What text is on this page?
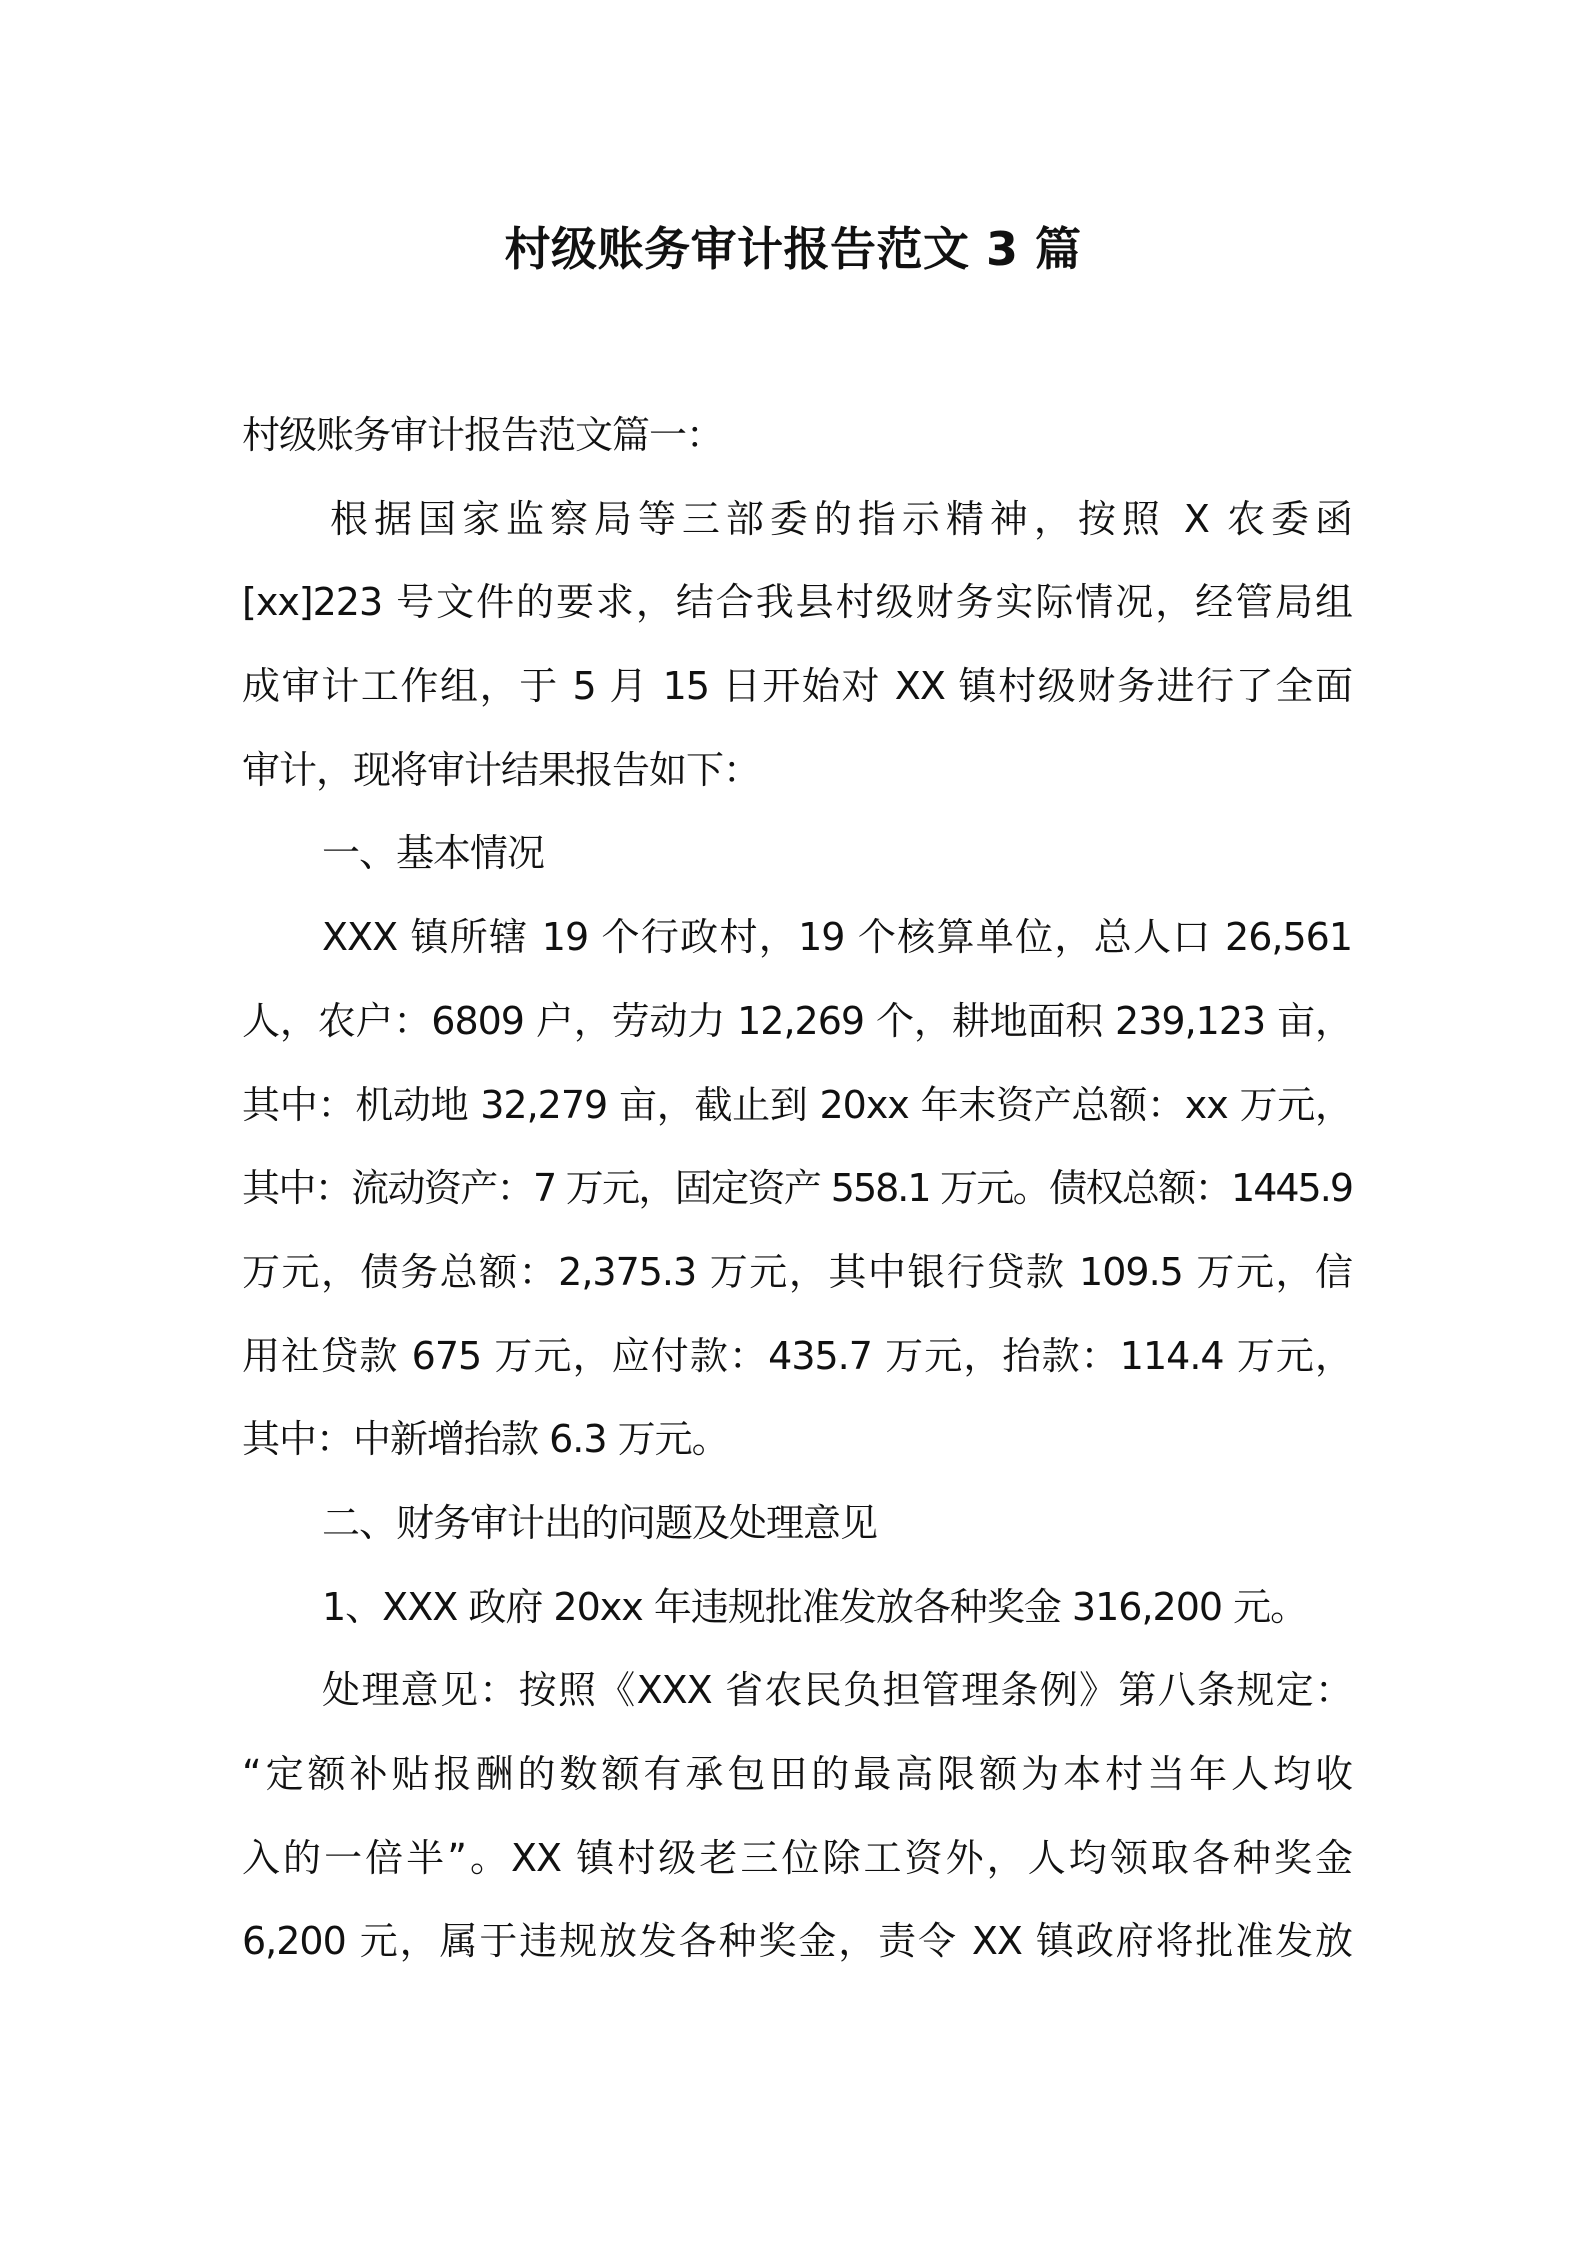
村级账务审计报告范文 3 篇
村级账务审计报告范文篇一：
根据国家监察局等三部委的指示精神，按照 X 农委函
[xx]223 号文件的要求，结合我县村级财务实际情况，经管局组
成审计工作组，于 5 月 15 日开始对 XX 镇村级财务进行了全面
审计，现将审计结果报告如下：
一、基本情况
XXX 镇所辖 19 个行政村，19 个核算单位，总人口 26,561
人，农户：6809 户，劳动力 12,269 个，耕地面积 239,123 亩，
其中：机动地 32,279 亩，截止到 20xx 年末资产总额：xx 万元，
其中：流动资产：7 万元，固定资产 558.1 万元。债权总额：1445.9
万元，债务总额：2,375.3 万元，其中银行贷款 109.5 万元，信
用社贷款 675 万元，应付款：435.7 万元，抬款：114.4 万元，
其中：中新增抬款 6.3 万元。
二、财务审计出的问题及处理意见
1、XXX 政府 20xx 年违规批准发放各种奖金 316,200 元。
处理意见：按照《XXX 省农民负担管理条例》第八条规定：
“定额补贴报酬的数额有承包田的最高限额为本村当年人均收
入的一倍半”。XX 镇村级老三位除工资外，人均领取各种奖金
6,200 元，属于违规放发各种奖金，责令 XX 镇政府将批准发放
